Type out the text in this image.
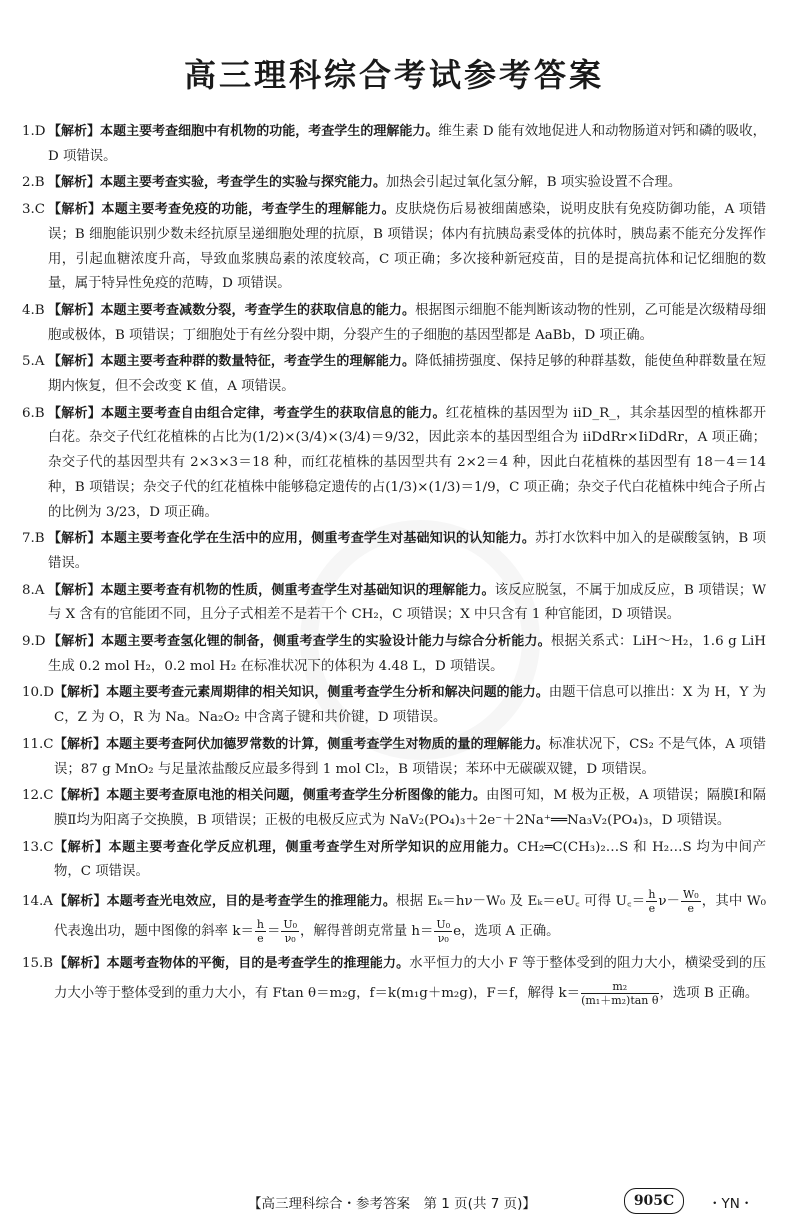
高三理科综合考试参考答案
1.D 【解析】本题主要考查细胞中有机物的功能，考查学生的理解能力。维生素 D 能有效地促进人和动物肠道对钙和磷的吸收，D 项错误。
2.B 【解析】本题主要考查实验，考查学生的实验与探究能力。加热会引起过氧化氢分解，B 项实验设置不合理。
3.C 【解析】本题主要考查免疫的功能，考查学生的理解能力。皮肤烧伤后易被细菌感染，说明皮肤有免疫防御功能，A 项错误；B 细胞能识别少数未经抗原呈递细胞处理的抗原，B 项错误；体内有抗胰岛素受体的抗体时，胰岛素不能充分发挥作用，引起血糖浓度升高，导致血浆胰岛素的浓度较高，C 项正确；多次接种新冠疫苗，目的是提高抗体和记忆细胞的数量，属于特异性免疫的范畴，D 项错误。
4.B 【解析】本题主要考查减数分裂，考查学生的获取信息的能力。根据图示细胞不能判断该动物的性别，乙可能是次级精母细胞或极体，B 项错误；丁细胞处于有丝分裂中期，分裂产生的子细胞的基因型都是 AaBb，D 项正确。
5.A 【解析】本题主要考查种群的数量特征，考查学生的理解能力。降低捕捞强度、保持足够的种群基数，能使鱼种群数量在短期内恢复，但不会改变 K 值，A 项错误。
6.B 【解析】本题主要考查自由组合定律，考查学生的获取信息的能力。红花植株的基因型为 iiD_R_，其余基因型的植株都开白花。杂交子代红花植株的占比为(1/2)×(3/4)×(3/4)＝9/32，因此亲本的基因型组合为 iiDdRr×IiDdRr，A 项正确；杂交子代的基因型共有 2×3×3＝18 种，而红花植株的基因型共有 2×2＝4 种，因此白花植株的基因型有 18－4＝14 种，B 项错误；杂交子代的红花植株中能够稳定遗传的占(1/3)×(1/3)＝1/9，C 项正确；杂交子代白花植株中纯合子所占的比例为 3/23，D 项正确。
7.B 【解析】本题主要考查化学在生活中的应用，侧重考查学生对基础知识的认知能力。苏打水饮料中加入的是碳酸氢钠，B 项错误。
8.A 【解析】本题主要考查有机物的性质，侧重考查学生对基础知识的理解能力。该反应脱氢，不属于加成反应，B 项错误；W 与 X 含有的官能团不同，且分子式相差不是若干个 CH₂，C 项错误；X 中只含有 1 种官能团，D 项错误。
9.D 【解析】本题主要考查氢化锂的制备，侧重考查学生的实验设计能力与综合分析能力。根据关系式：LiH～H₂，1.6 g LiH 生成 0.2 mol H₂，0.2 mol H₂ 在标准状况下的体积为 4.48 L，D 项错误。
10.D 【解析】本题主要考查元素周期律的相关知识，侧重考查学生分析和解决问题的能力。由题干信息可以推出：X 为 H，Y 为 C，Z 为 O，R 为 Na。Na₂O₂ 中含离子键和共价键，D 项错误。
11.C 【解析】本题主要考查阿伏加德罗常数的计算，侧重考查学生对物质的量的理解能力。标准状况下，CS₂ 不是气体，A 项错误；87 g MnO₂ 与足量浓盐酸反应最多得到 1 mol Cl₂，B 项错误；苯环中无碳碳双键，D 项错误。
12.C 【解析】本题主要考查原电池的相关问题，侧重考查学生分析图像的能力。由图可知，M 极为正极，A 项错误；隔膜Ⅰ和隔膜Ⅱ均为阳离子交换膜，B 项错误；正极的电极反应式为 NaV₂(PO₄)₃＋2e⁻＋2Na⁺══Na₃V₂(PO₄)₃，D 项错误。
13.C 【解析】本题主要考查化学反应机理，侧重考查学生对所学知识的应用能力。CH₂═C(CH₃)₂…S 和 H₂…S 均为中间产物，C 项错误。
14.A 【解析】本题考查光电效应，目的是考查学生的推理能力。根据 Eₖ＝hν－W₀ 及 Eₖ＝eU꜀ 可得 U꜀＝ $\frac{h}{e} \nu- \frac{\text{W₀}}{e}$ ，其中 W₀ 代表逸出功，题中图像的斜率 $k= \frac{h}{e} = \frac{\text{U₀}}{\text{ν₀}}$ ，解得普朗克常量 $h= \frac{\text{U₀}}{\text{ν₀}}$ e，选项 A 正确。
15.B 【解析】本题考查物体的平衡，目的是考查学生的推理能力。水平恒力的大小 F 等于整体受到的阻力大小，横梁受到的压力大小等于整体受到的重力大小，有 Ftan θ＝m₂g，f＝k(m₁g＋m₂g)，F＝f，解得 $k= \frac{\text{m₂}}{\text{(m₁＋m₂)tan θ}}$ ，选项 B 正确。
【高三理科综合・参考答案　第 1 页(共 7 页)】	905C	・YN・
